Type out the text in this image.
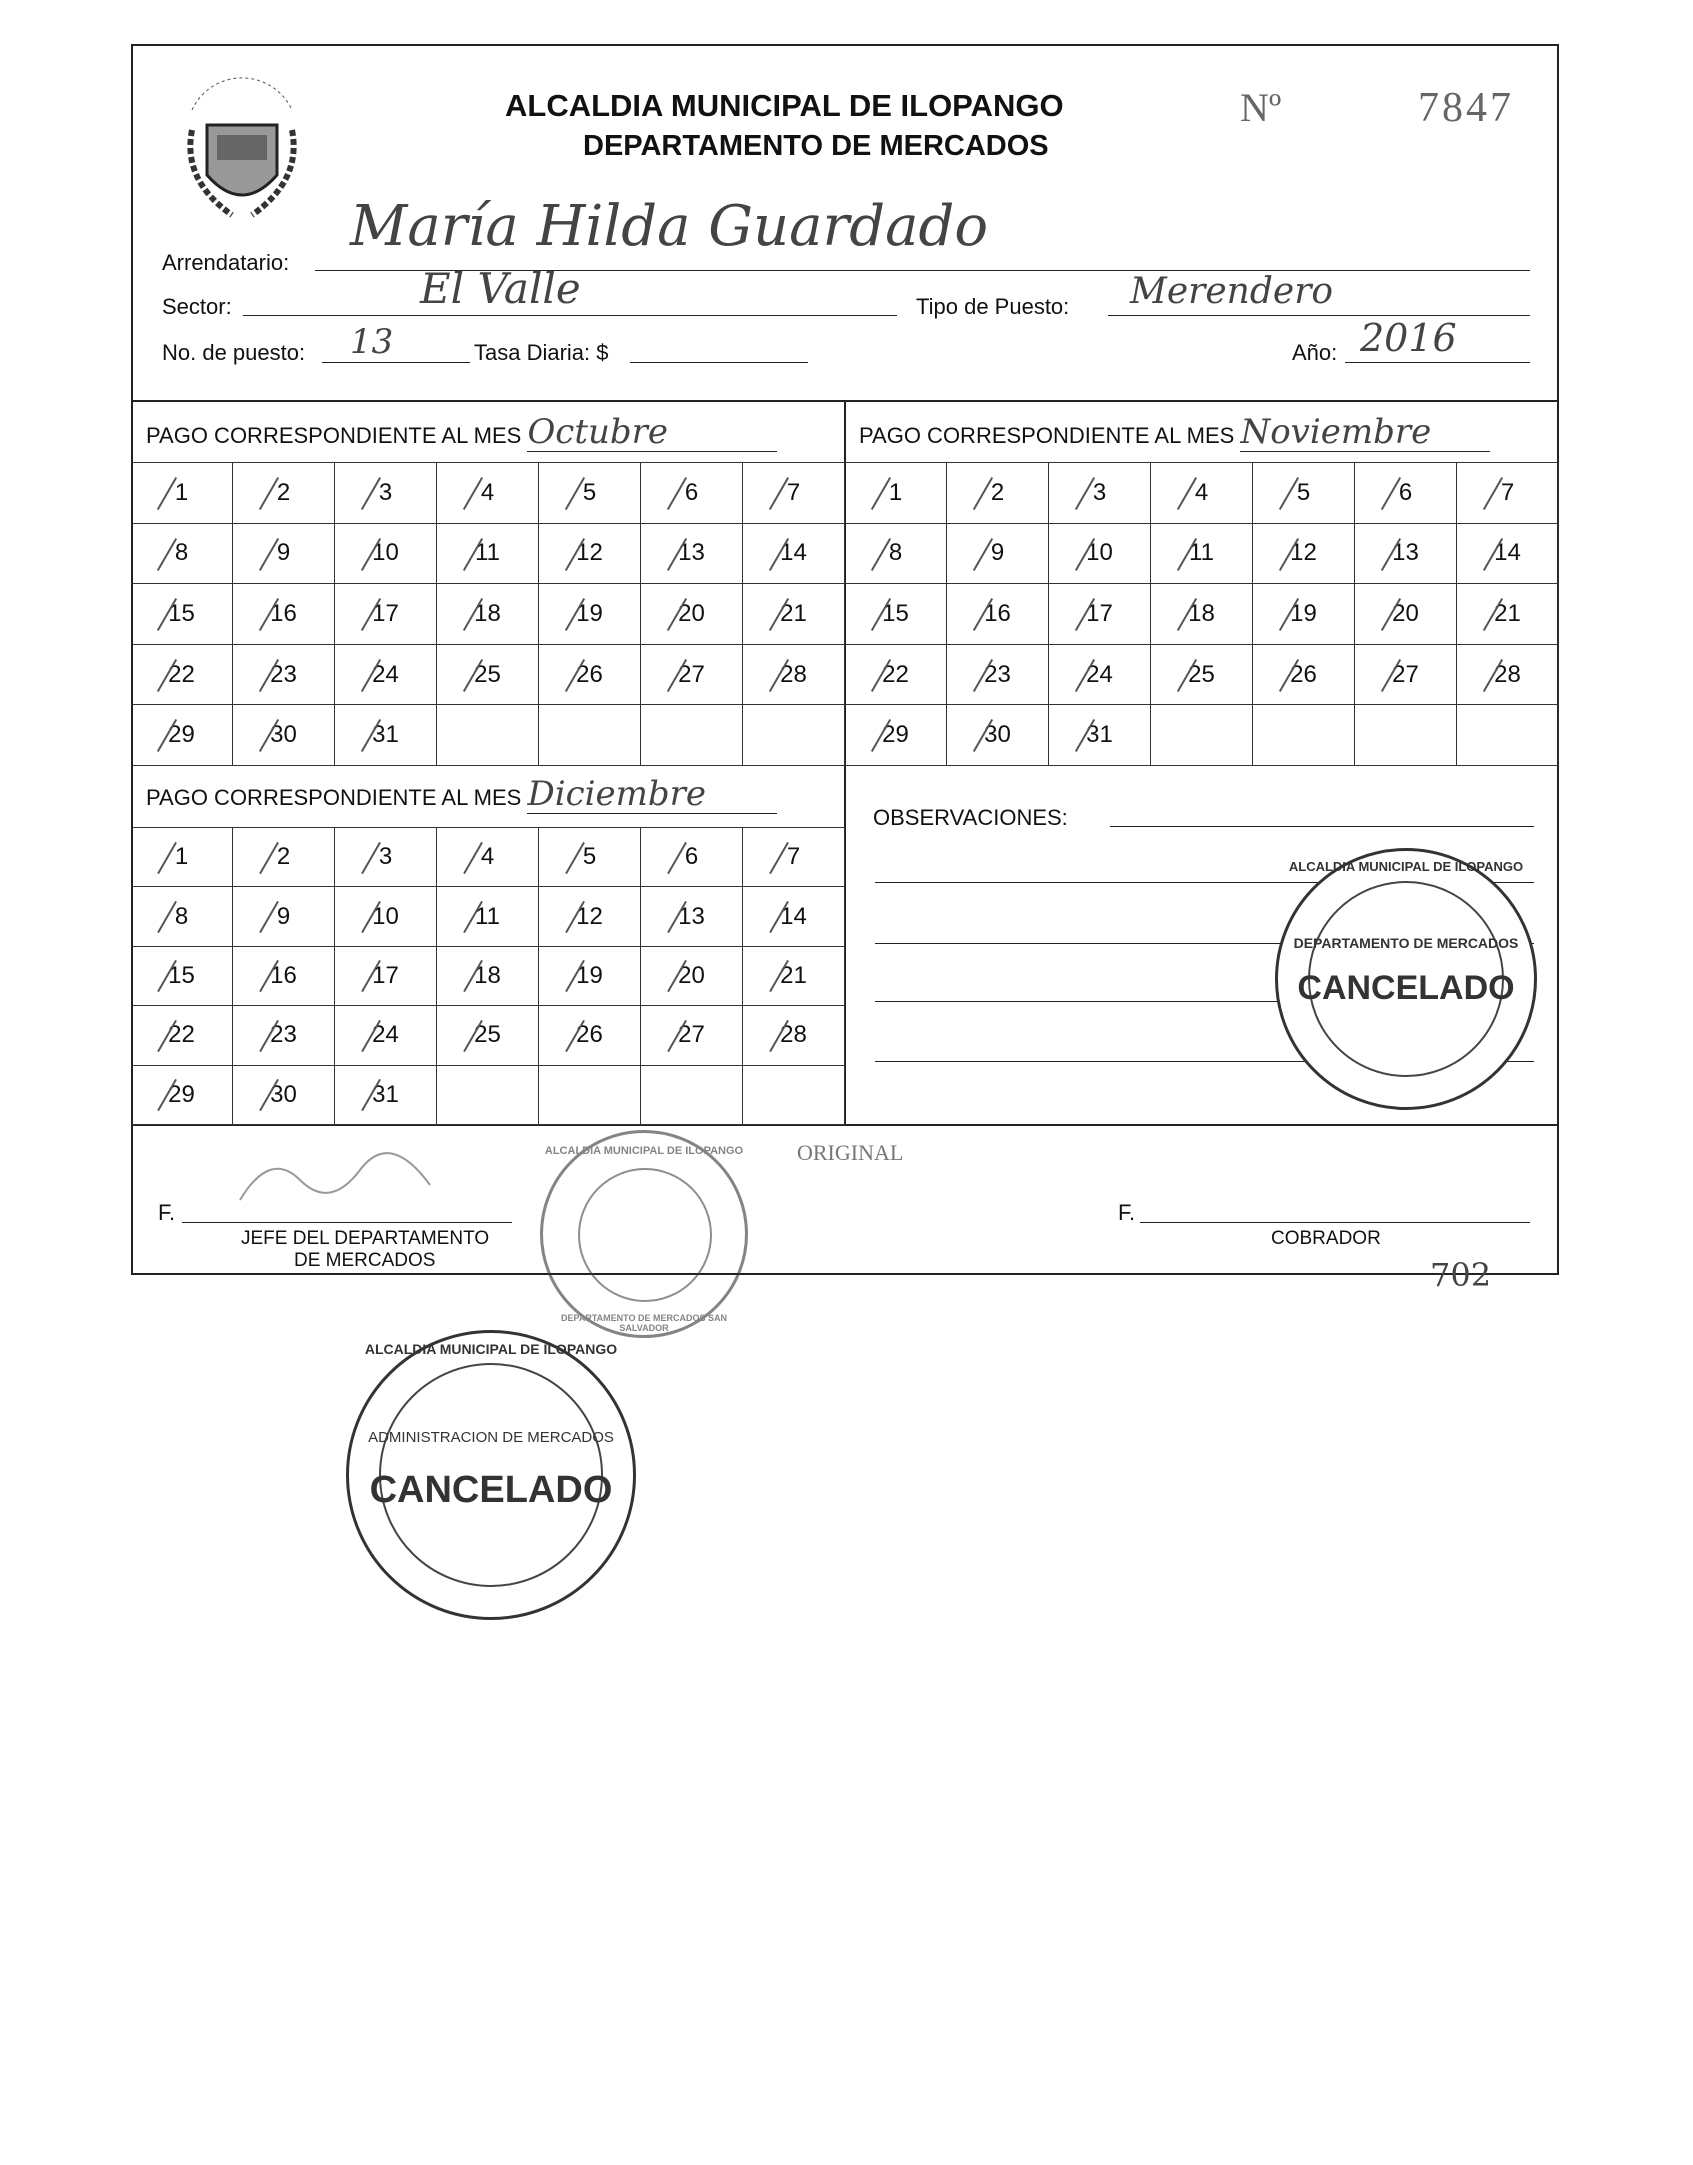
ALCALDIA MUNICIPAL DE ILOPANGO
DEPARTAMENTO DE MERCADOS
Nº	7847
Arrendatario:
María Hilda Guardado
Sector:	El Valle	Tipo de Puesto: Merendero
No. de puesto: 13	Tasa Diaria: $	Año: 2016
PAGO CORRESPONDIENTE AL MES Octubre	PAGO CORRESPONDIENTE AL MES Noviembre
PAGO CORRESPONDIENTE AL MES Diciembre
1	2	3	4	5	6	7
8	9	10	11	12	13	14
15	16	17	18	19	20	21
22	23	24	25	26	27	28
29	30	31
1	2	3	4	5	6	7
8	9	10	11	12	13	14
15	16	17	18	19	20	21
22	23	24	25	26	27	28
29	30	31
1	2	3	4	5	6	7
8	9	10	11	12	13	14
15	16	17	18	19	20	21
22	23	24	25	26	27	28
29	30	31
OBSERVACIONES:
ALCALDIA MUNICIPAL DE ILOPANGO
DEPARTAMENTO DE MERCADOS
CANCELADO
ALCALDIA MUNICIPAL DE ILOPANGO
ADMINISTRACION DE MERCADOS
CANCELADO
ALCALDIA MUNICIPAL DE ILOPANGO
DEPARTAMENTO DE MERCADOS SAN SALVADOR
ORIGINAL
F.
JEFE DEL DEPARTAMENTO
DE MERCADOS
F.
COBRADOR
702
